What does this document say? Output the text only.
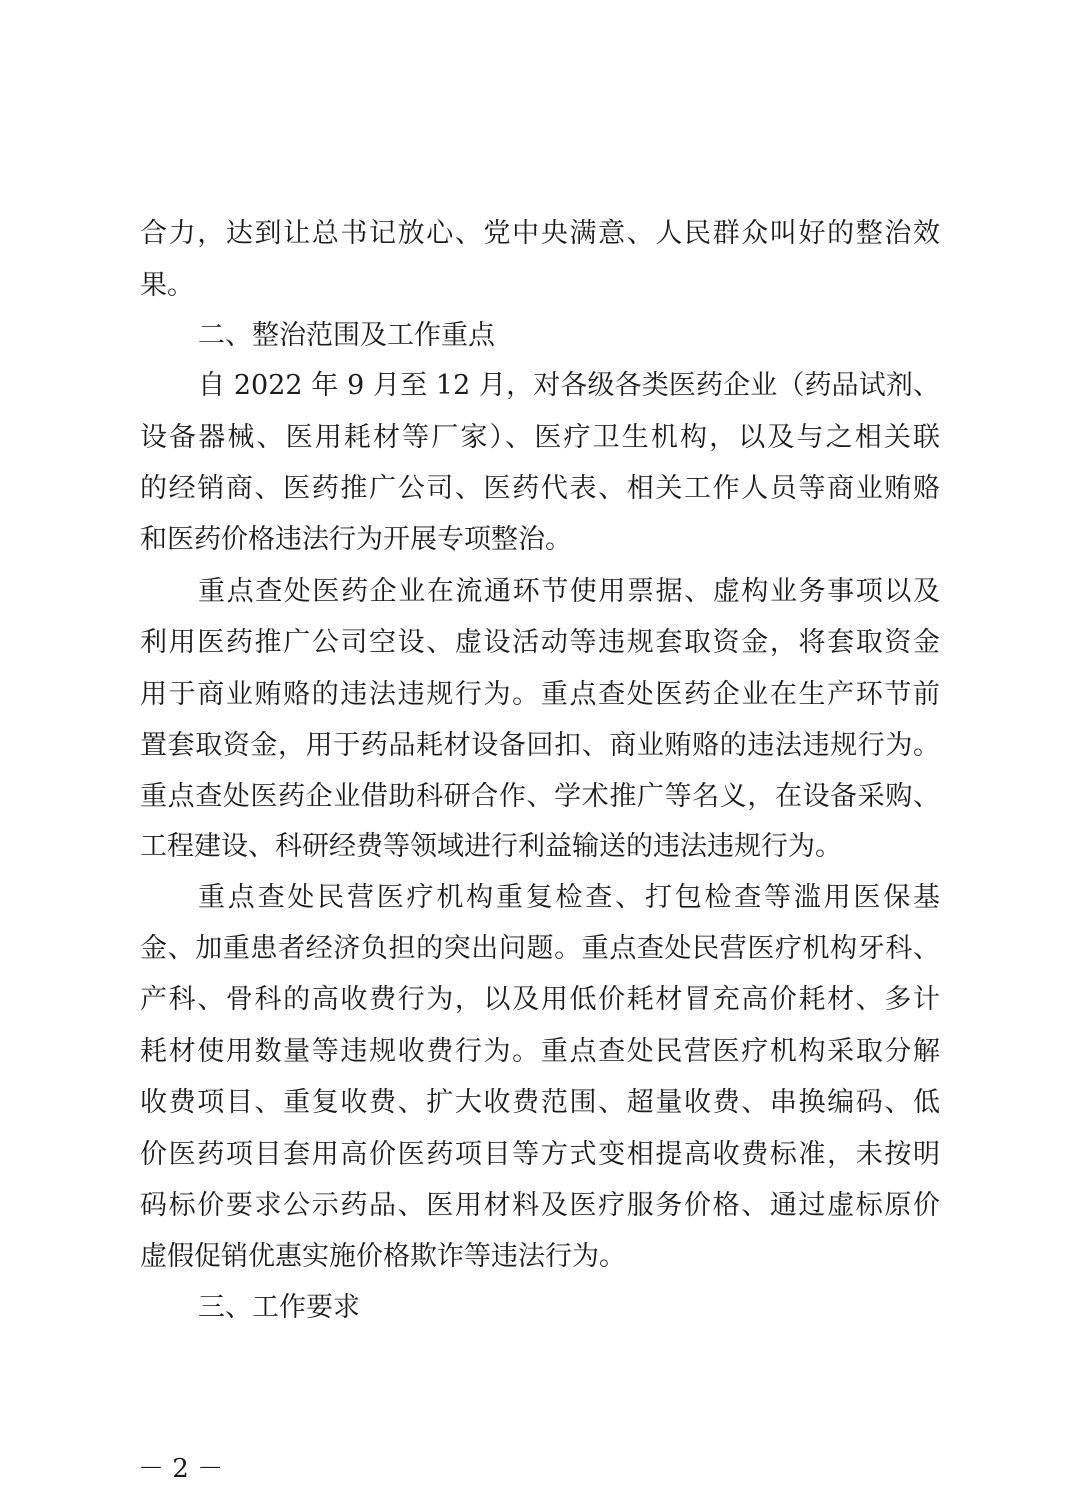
合力，达到让总书记放心、党中央满意、人民群众叫好的整治效
果。
二、整治范围及工作重点
自 2022 年 9 月至 12 月，对各级各类医药企业（药品试剂、
设备器械、医用耗材等厂家）、医疗卫生机构，以及与之相关联
的经销商、医药推广公司、医药代表、相关工作人员等商业贿赂
和医药价格违法行为开展专项整治。
重点查处医药企业在流通环节使用票据、虚构业务事项以及
利用医药推广公司空设、虚设活动等违规套取资金，将套取资金
用于商业贿赂的违法违规行为。重点查处医药企业在生产环节前
置套取资金，用于药品耗材设备回扣、商业贿赂的违法违规行为。
重点查处医药企业借助科研合作、学术推广等名义，在设备采购、
工程建设、科研经费等领域进行利益输送的违法违规行为。
重点查处民营医疗机构重复检查、打包检查等滥用医保基
金、加重患者经济负担的突出问题。重点查处民营医疗机构牙科、
产科、骨科的高收费行为，以及用低价耗材冒充高价耗材、多计
耗材使用数量等违规收费行为。重点查处民营医疗机构采取分解
收费项目、重复收费、扩大收费范围、超量收费、串换编码、低
价医药项目套用高价医药项目等方式变相提高收费标准，未按明
码标价要求公示药品、医用材料及医疗服务价格、通过虚标原价
虚假促销优惠实施价格欺诈等违法行为。
三、工作要求
－ 2 －
